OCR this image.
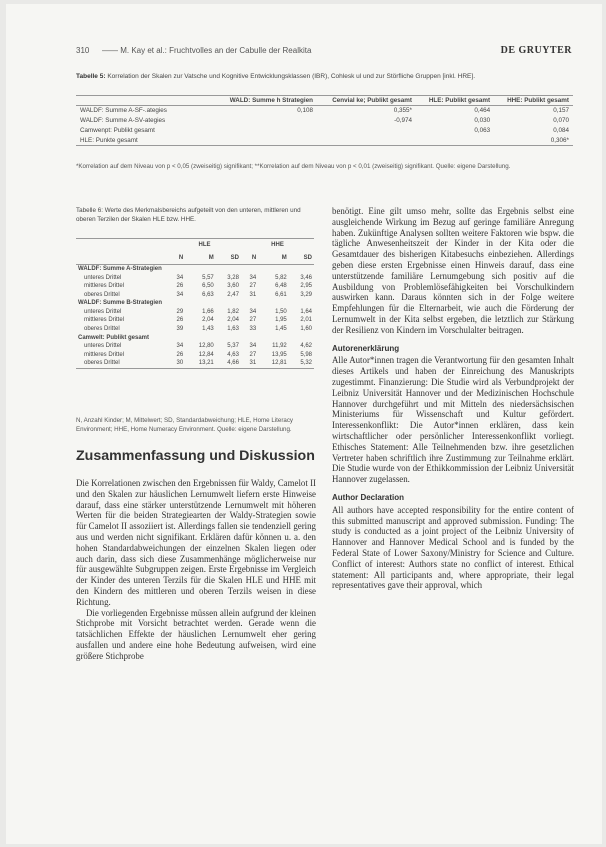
310 —— M. Kay et al.: Fruchtvolles an der Cabulle der Realkita	DE GRUYTER
Tabelle 5: Korrelation der Skalen zur Vatsche und Kognitive Entwicklungsklassen (IBR), Cohlesk ul und zur Störfliche Gruppen [inkl. HRE].
	WALD: Summe h Strategien	Cenvial ke; Publikt gesamt	HLE: Publikt gesamt	HHE: Publikt gesamt
WALDF: Summe A-SF-.ategies	0,108	0,355*	0,464	0,157
WALDF: Summe A-SV-ategies		-0,974	0,030	0,070
Camwenpt: Publikt gesamt			0,063	0,084
HLE: Punkte gesamt				0,306*
*Korrelation auf dem Niveau von p < 0,05 (zweiseitig) signifikant; **Korrelation auf dem Niveau von p < 0,01 (zweiseitig) signifikant. Quelle: eigene Darstellung.
Tabelle 6: Werte des Merkmalsbereichs aufgeteilt von den unteren, mittleren und oberen Terzilen der Skalen HLE bzw. HHE.
	HLE			HHE		
	N	M	SD	N	M	SD
WALDF: Summe A-Strategien						
unteres Drittel	34	5,57	3,28	34	5,82	3,46
mittleres Drittel	26	6,50	3,60	27	6,48	2,95
oberes Drittel	34	6,63	2,47	31	6,61	3,29
WALDF: Summe B-Strategien						
unteres Drittel	29	1,66	1,82	34	1,50	1,64
mittleres Drittel	26	2,04	2,04	27	1,95	2,01
oberes Drittel	39	1,43	1,63	33	1,45	1,60
Camwelt: Publikt gesamt						
unteres Drittel	34	12,80	5,37	34	11,92	4,62
mittleres Drittel	26	12,84	4,63	27	13,95	5,98
oberes Drittel	30	13,21	4,66	31	12,81	5,32
N, Anzahl Kinder; M, Mittelwert; SD, Standardabweichung; HLE, Home Literacy Environment; HHE, Home Numeracy Environment. Quelle: eigene Darstellung.
Zusammenfassung und Diskussion

Die Korrelationen zwischen den Ergebnissen für Waldy, Camelot II und den Skalen zur häuslichen Lernumwelt liefern erste Hinweise darauf, dass eine stärker unterstützende Lernumwelt mit höheren Werten für die beiden Strategiearten der Waldy-Strategien sowie für Camelot II assoziiert ist. Allerdings fallen sie tendenziell gering aus und werden nicht signifikant. Erklären dafür können u. a. den hohen Standardabweichungen der einzelnen Skalen liegen oder auch darin, dass sich diese Zusammenhänge möglicherweise nur für ausgewählte Subgruppen zeigen. Erste Ergebnisse im Vergleich der Kinder des unteren Terzils für die Skalen HLE und HHE mit den Kindern des mittleren und oberen Terzils weisen in diese Richtung.

Die vorliegenden Ergebnisse müssen allein aufgrund der kleinen Stichprobe mit Vorsicht betrachtet werden. Gerade wenn die tatsächlichen Effekte der häuslichen Lernumwelt eher gering ausfallen und andere eine hohe Bedeutung aufweisen, wird eine größere Stichprobe

benötigt. Eine gilt umso mehr, sollte das Ergebnis selbst eine ausgleichende Wirkung im Bezug auf geringe familiäre Anregung haben. Zukünftige Analysen sollten weitere Faktoren wie bspw. die tägliche Anwesenheitszeit der Kinder in der Kita oder die Gesamtdauer des bisherigen Kitabesuchs einbeziehen. Allerdings geben diese ersten Ergebnisse einen Hinweis darauf, dass eine unterstützende familiäre Lernumgebung sich positiv auf die Ausbildung von Problemlösefähigkeiten bei Vorschulkindern auswirken kann. Daraus könnten sich in der Folge weitere Empfehlungen für die Elternarbeit, wie auch die Förderung der Lernumwelt in der Kita selbst ergeben, die letztlich zur Stärkung der Resilienz von Kindern im Vorschulalter beitragen.

Autorenerklärung

Alle Autor*innen tragen die Verantwortung für den gesamten Inhalt dieses Artikels und haben der Einreichung des Manuskripts zugestimmt. Finanzierung: Die Studie wird als Verbundprojekt der Leibniz Universität Hannover und der Medizinischen Hochschule Hannover durchgeführt und mit Mitteln des niedersächsischen Ministeriums für Wissenschaft und Kultur gefördert. Interessenkonflikt: Die Autor*innen erklären, dass kein wirtschaftlicher oder persönlicher Interessenkonflikt vorliegt. Ethisches Statement: Alle Teilnehmenden bzw. ihre gesetzlichen Vertreter haben schriftlich ihre Zustimmung zur Teilnahme erklärt. Die Studie wurde von der Ethikkommission der Leibniz Universität Hannover zugelassen.

Author Declaration

All authors have accepted responsibility for the entire content of this submitted manuscript and approved submission. Funding: The study is conducted as a joint project of the Leibniz University of Hannover and Hannover Medical School and is funded by the Federal State of Lower Saxony/Ministry for Science and Culture. Conflict of interest: Authors state no conflict of interest. Ethical statement: All participants and, where appropriate, their legal representatives gave their approval, which
